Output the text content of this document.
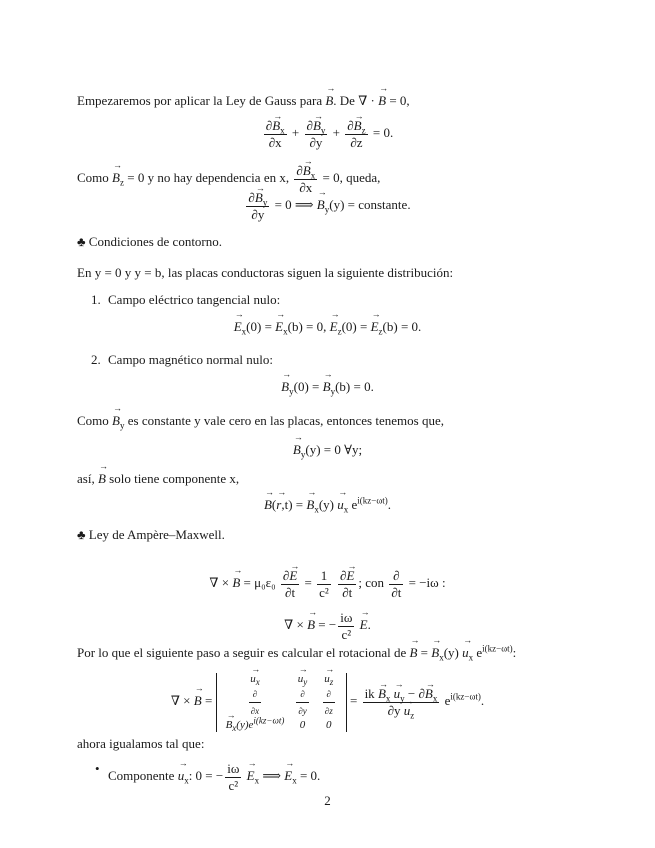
Empezaremos por aplicar la Ley de Gauss para → B. De ∇ · → B = 0,
$\frac{\partial\to B_x}{\partial x} + \frac{\partial\to B_y}{\partial y} + \frac{\partial\to B_z}{\partial z} = 0$.
Como → $B_z = 0$ y no hay dependencia en x, $\frac{\partial\to B_x}{\partial x} = 0$, queda,
$\frac{\partial\to B_y}{\partial y} = 0$ ⟹ → $B_y(y)$ = constante.
♣ Condiciones de contorno.
En y = 0 y y = b, las placas conductoras siguen la siguiente distribución:
1. Campo eléctrico tangencial nulo:
→ $E_x(0)$ = → $E_x(b) = 0$, → $E_z(0)$ = → $E_z(b) = 0$.
2. Campo magnético normal nulo:
→ $B_y(0)$ = → $B_y(b) = 0$.
Como → $B_y$ es constante y vale cero en las placas, entonces tenemos que,
→ $B_y(y) = 0$ ∀y;
así, → B solo tiene componente x,
→ B(→ r,t) = → $B_x(y) \to u_x$ $e^{i(kz-\omega t)}$.
♣ Ley de Ampère–Maxwell.
∇ × → $B = \mu_0\varepsilon_0 \frac{\partial\to E}{\partial t} = \frac{1}{\text{c²}}$
$\frac{\partial\to E}{\partial t}$ ; con $\frac{\partial}{\partial t} = -i\omega$ :
∇ × → B = − $\frac{i\omega}{\text{c²}} \to E$.
Por lo que el siguiente paso a seguir es calcular el rotacional de → B = → $B_x(y) \to u_x$ $e^{i(kz-\omega t)}$:
∇ × → B =
→ $u_x$	→ $u_y$	→ $u_z$

$\frac{\partial}{\partial x}$	$\frac{\partial}{\partial y}$	$\frac{\partial}{\partial z}$

→ $B_x(y)e^{i(kz-\omega t)}$	0	0
= $\frac{ik \to B_x \to u_y - \partial\to B_x}{\partial y \to u_z} e^{i(kz-\omega t)}$.
ahora igualamos tal que:
• Componente → $u_x$: 0 = − $\frac{i\omega}{\text{c²}} \to E_x$ ⟹ → $E_x = 0$.
2
